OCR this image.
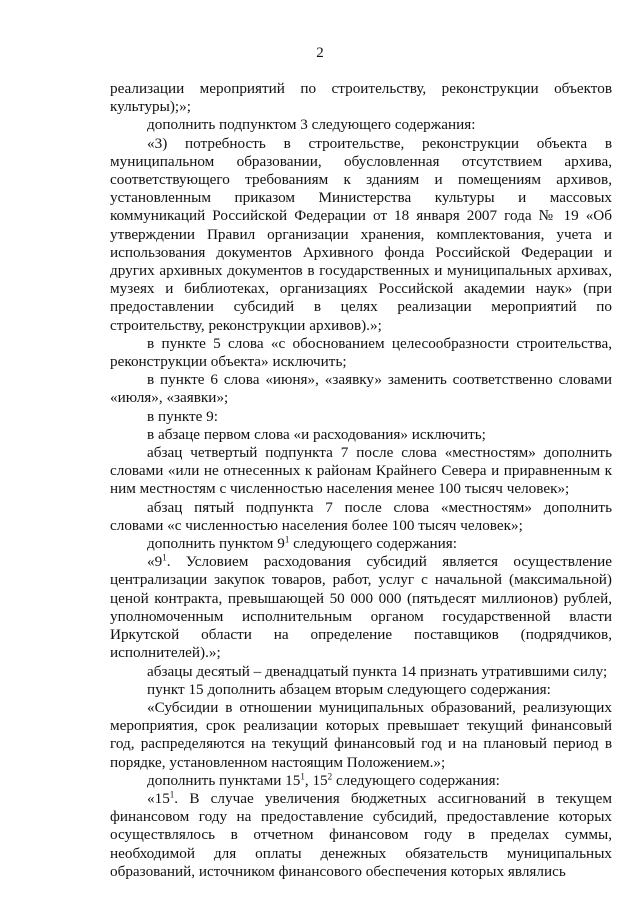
2

реализации мероприятий по строительству, реконструкции объектов культуры);»;

дополнить подпунктом 3 следующего содержания:

«3) потребность в строительстве, реконструкции объекта в муниципальном образовании, обусловленная отсутствием архива, соответствующего требованиям к зданиям и помещениям архивов, установленным приказом Министерства культуры и массовых коммуникаций Российской Федерации от 18 января 2007 года № 19 «Об утверждении Правил организации хранения, комплектования, учета и использования документов Архивного фонда Российской Федерации и других архивных документов в государственных и муниципальных архивах, музеях и библиотеках, организациях Российской академии наук» (при предоставлении субсидий в целях реализации мероприятий по строительству, реконструкции архивов).»;

в пункте 5 слова «с обоснованием целесообразности строительства, реконструкции объекта» исключить;

в пункте 6 слова «июня», «заявку» заменить соответственно словами «июля», «заявки»;

в пункте 9:

в абзаце первом слова «и расходования» исключить;

абзац четвертый подпункта 7 после слова «местностям» дополнить словами «или не отнесенных к районам Крайнего Севера и приравненным к ним местностям с численностью населения менее 100 тысяч человек»;

абзац пятый подпункта 7 после слова «местностям» дополнить словами «с численностью населения более 100 тысяч человек»;

дополнить пунктом $9^1$ следующего содержания:

«$9^1$. Условием расходования субсидий является осуществление централизации закупок товаров, работ, услуг с начальной (максимальной) ценой контракта, превышающей 50 000 000 (пятьдесят миллионов) рублей, уполномоченным исполнительным органом государственной власти Иркутской области на определение поставщиков (подрядчиков, исполнителей).»;

абзацы десятый – двенадцатый пункта 14 признать утратившими силу;

пункт 15 дополнить абзацем вторым следующего содержания:

«Субсидии в отношении муниципальных образований, реализующих мероприятия, срок реализации которых превышает текущий финансовый год, распределяются на текущий финансовый год и на плановый период в порядке, установленном настоящим Положением.»;

дополнить пунктами $15^1$, $15^2$ следующего содержания:

«$15^1$. В случае увеличения бюджетных ассигнований в текущем финансовом году на предоставление субсидий, предоставление которых осуществлялось в отчетном финансовом году в пределах суммы, необходимой для оплаты денежных обязательств муниципальных образований, источником финансового обеспечения которых являлись
